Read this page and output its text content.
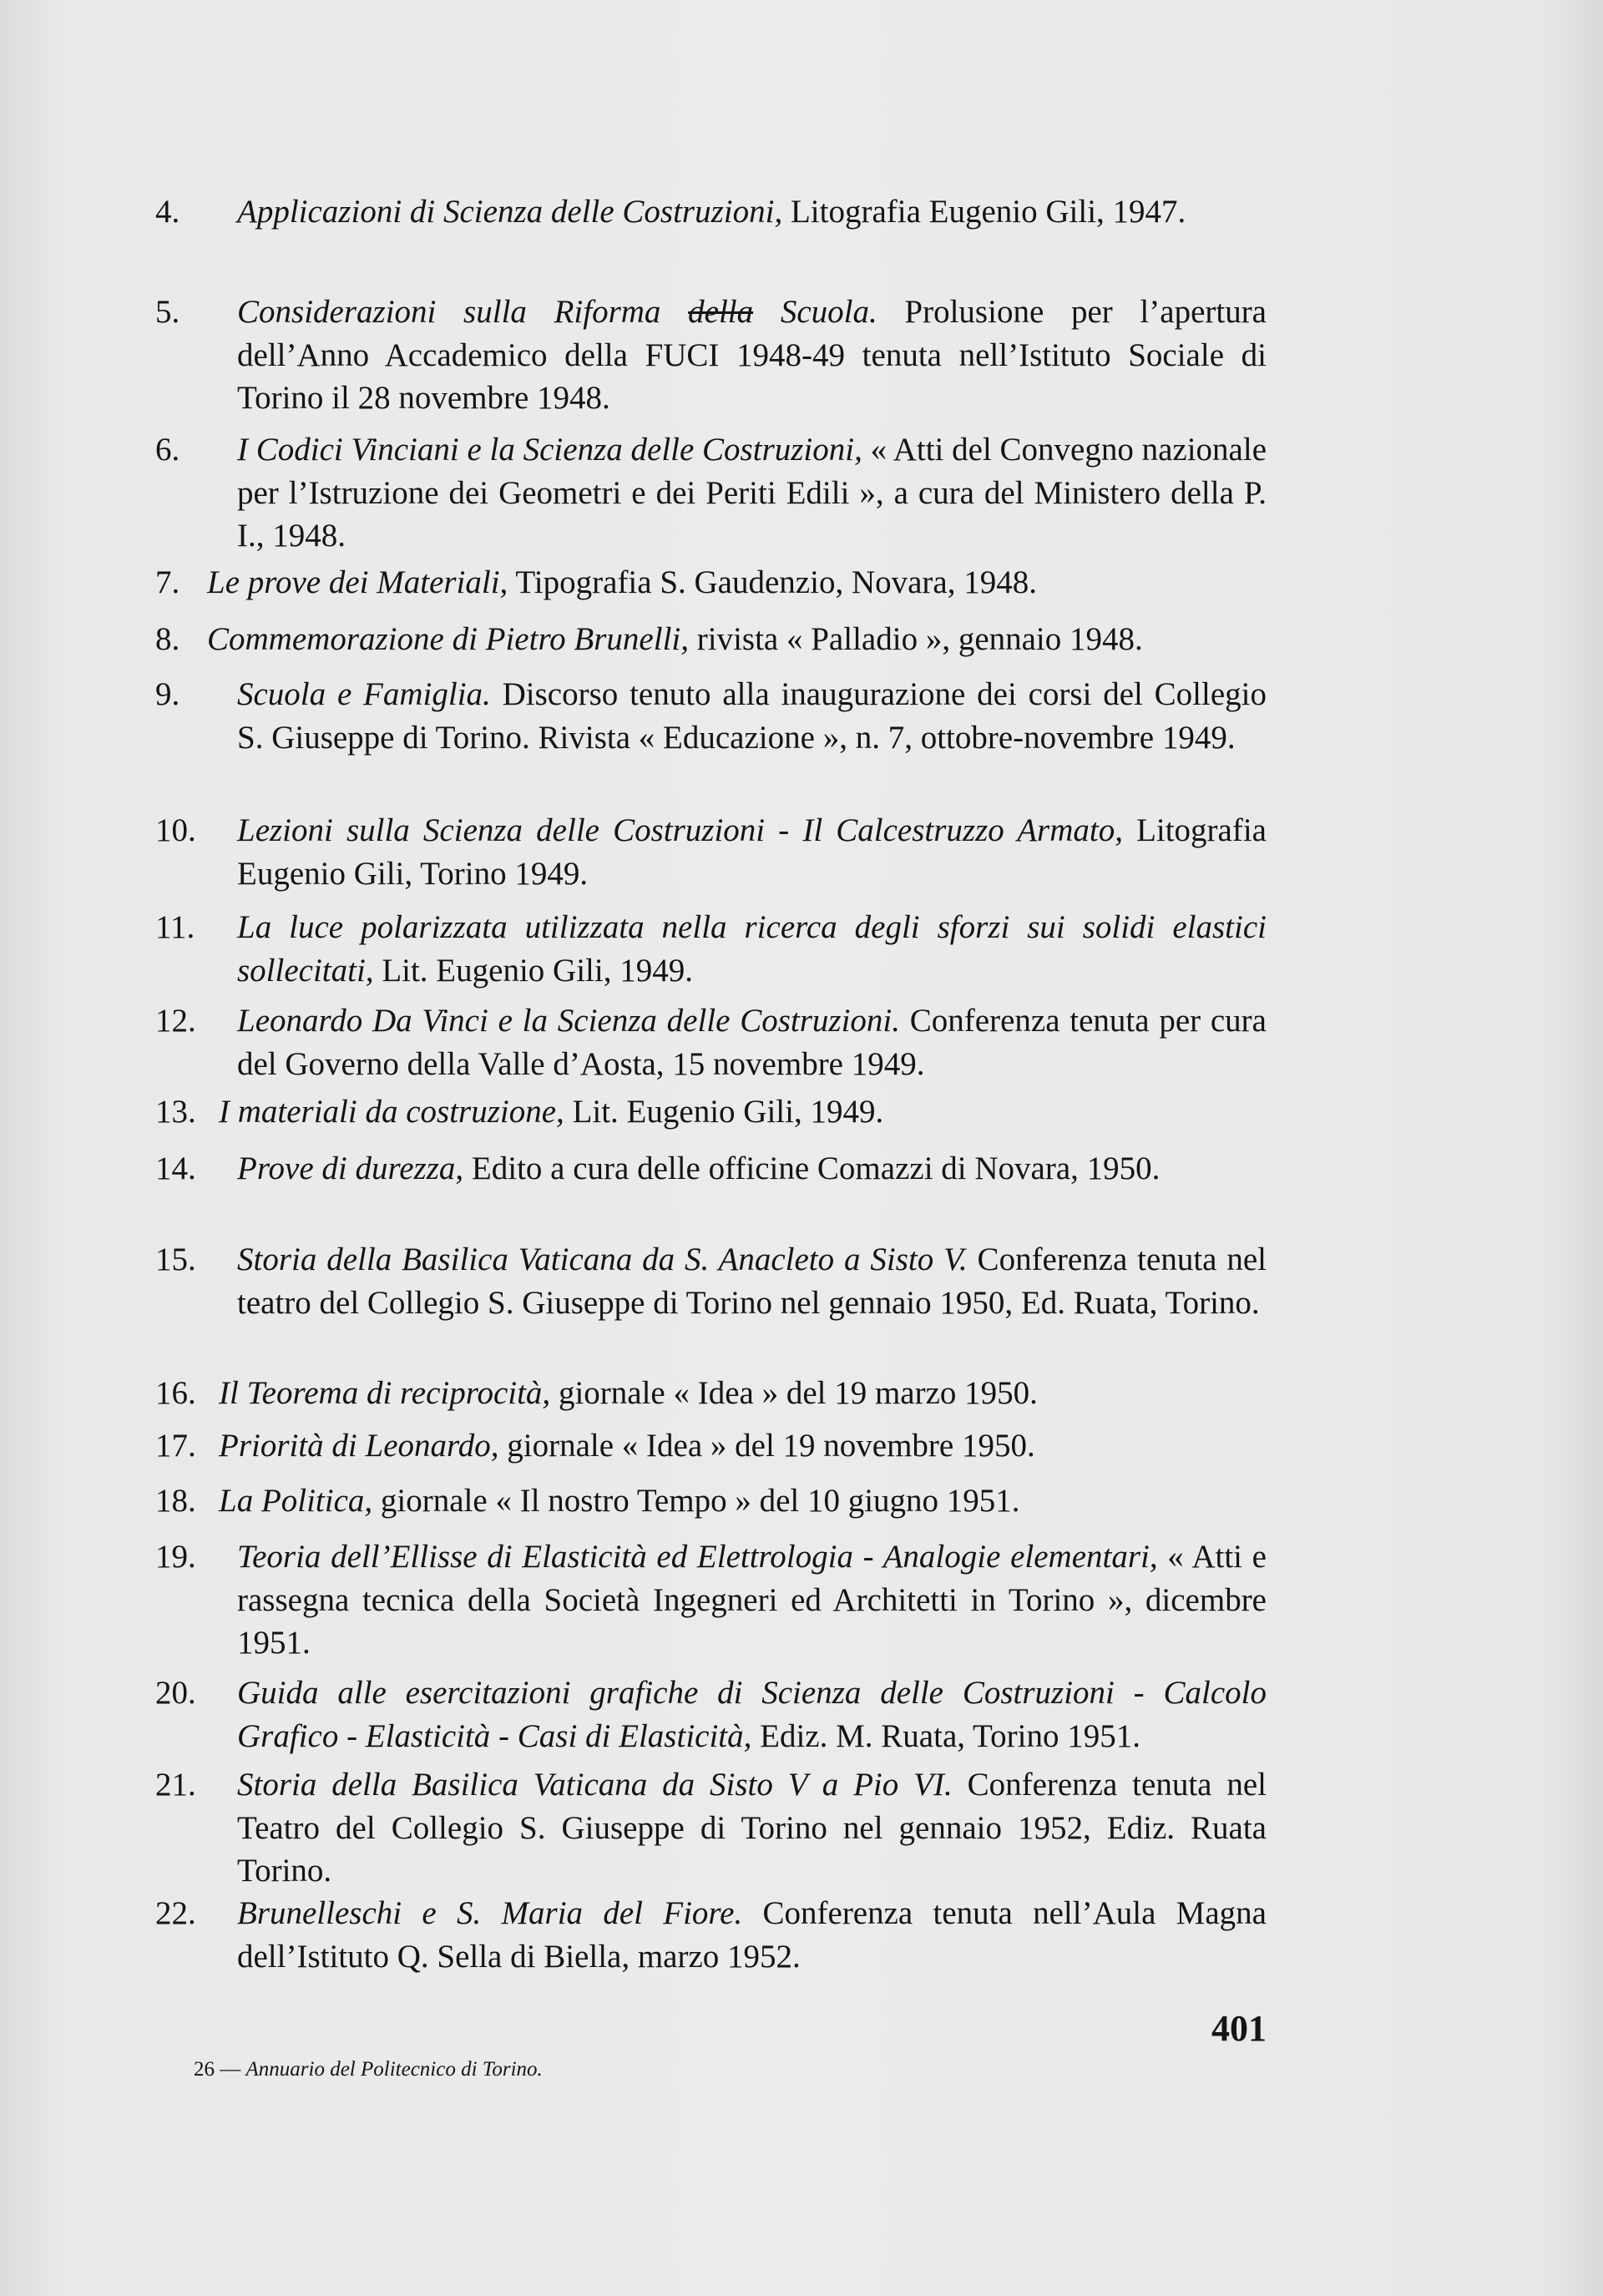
4. Applicazioni di Scienza delle Costruzioni, Litografia Eugenio Gili, 1947.
5. Considerazioni sulla Riforma della Scuola. Prolusione per l’apertura dell’Anno Accademico della FUCI 1948-49 tenuta nell’Istituto Sociale di Torino il 28 novembre 1948.
6. I Codici Vinciani e la Scienza delle Costruzioni, « Atti del Convegno nazionale per l’Istruzione dei Geometri e dei Periti Edili », a cura del Ministero della P. I., 1948.
7. Le prove dei Materiali, Tipografia S. Gaudenzio, Novara, 1948.
8. Commemorazione di Pietro Brunelli, rivista « Palladio », gennaio 1948.
9. Scuola e Famiglia. Discorso tenuto alla inaugurazione dei corsi del Collegio S. Giuseppe di Torino. Rivista « Educazione », n. 7, ottobre-novembre 1949.
10. Lezioni sulla Scienza delle Costruzioni - Il Calcestruzzo Armato, Litografia Eugenio Gili, Torino 1949.
11. La luce polarizzata utilizzata nella ricerca degli sforzi sui solidi elastici sollecitati, Lit. Eugenio Gili, 1949.
12. Leonardo Da Vinci e la Scienza delle Costruzioni. Conferenza tenuta per cura del Governo della Valle d’Aosta, 15 novembre 1949.
13. I materiali da costruzione, Lit. Eugenio Gili, 1949.
14. Prove di durezza, Edito a cura delle officine Comazzi di Novara, 1950.
15. Storia della Basilica Vaticana da S. Anacleto a Sisto V. Conferenza tenuta nel teatro del Collegio S. Giuseppe di Torino nel gennaio 1950, Ed. Ruata, Torino.
16. Il Teorema di reciprocità, giornale « Idea » del 19 marzo 1950.
17. Priorità di Leonardo, giornale « Idea » del 19 novembre 1950.
18. La Politica, giornale « Il nostro Tempo » del 10 giugno 1951.
19. Teoria dell’Ellisse di Elasticità ed Elettrologia - Analogie elementari, « Atti e rassegna tecnica della Società Ingegneri ed Architetti in Torino », dicembre 1951.
20. Guida alle esercitazioni grafiche di Scienza delle Costruzioni - Calcolo Grafico - Elasticità - Casi di Elasticità, Ediz. M. Ruata, Torino 1951.
21. Storia della Basilica Vaticana da Sisto V a Pio VI. Conferenza tenuta nel Teatro del Collegio S. Giuseppe di Torino nel gennaio 1952, Ediz. Ruata Torino.
22. Brunelleschi e S. Maria del Fiore. Conferenza tenuta nell’Aula Magna dell’Istituto Q. Sella di Biella, marzo 1952.
401
26 — Annuario del Politecnico di Torino.
